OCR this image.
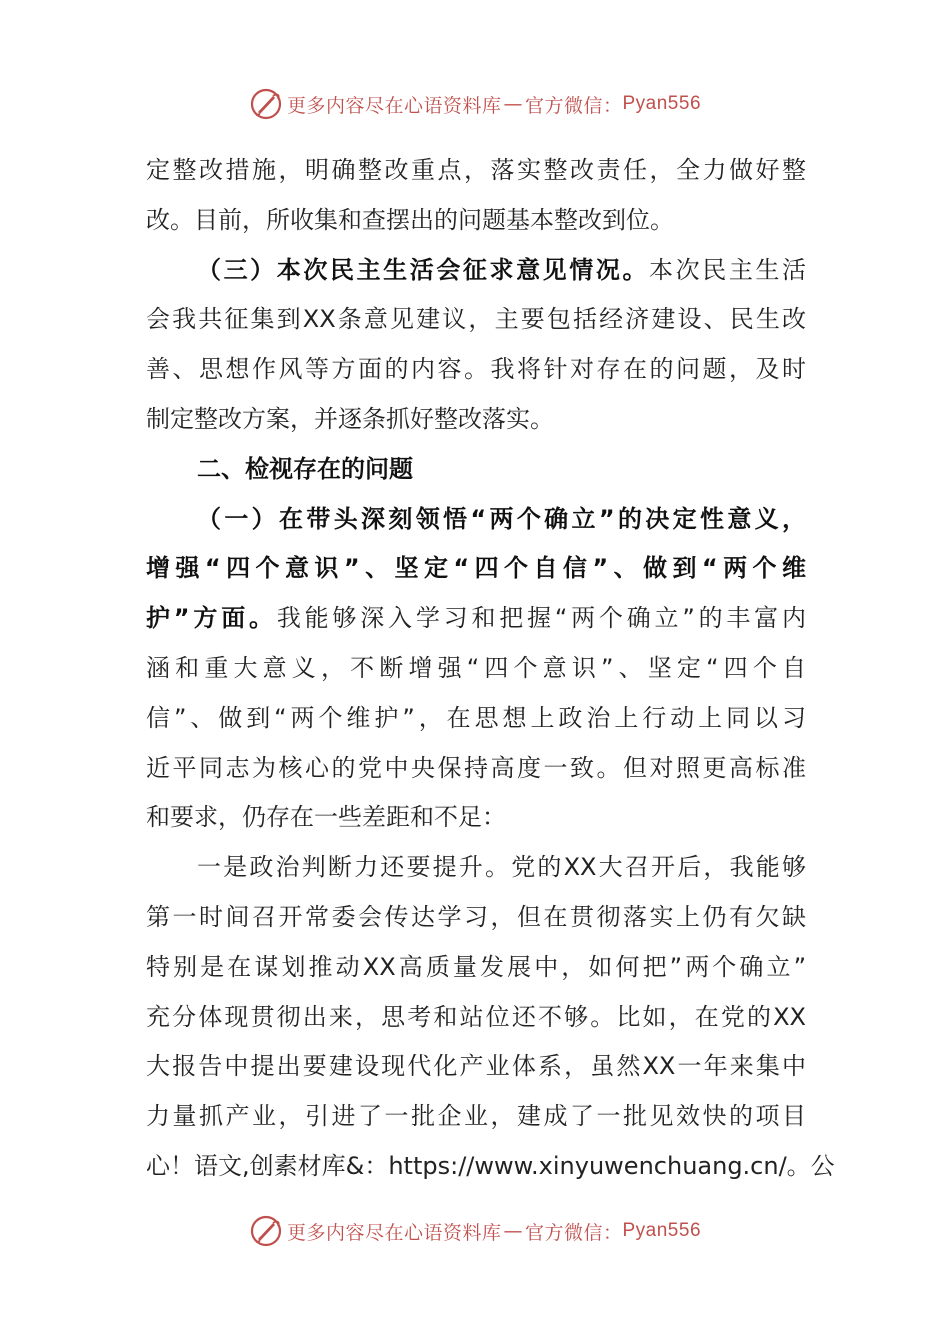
更多内容尽在心语资料库 — 官方微信： Pyan556
定整改措施，明确整改重点，落实整改责任，全力做好整
改。目前，所收集和查摆出的问题基本整改到位。
（三）本次民主生活会征求意见情况。本次民主生活
会我共征集到XX条意见建议，主要包括经济建设、民生改
善、思想作风等方面的内容。我将针对存在的问题，及时
制定整改方案，并逐条抓好整改落实。
二、检视存在的问题
（一）在带头深刻领悟“两个确立”的决定性意义，
增强“四个意识”、坚定“四个自信”、做到“两个维
护”方面。我能够深入学习和把握“两个确立”的丰富内
涵和重大意义，不断增强“四个意识”、坚定“四个自
信”、做到“两个维护”，在思想上政治上行动上同以习
近平同志为核心的党中央保持高度一致。但对照更高标准
和要求，仍存在一些差距和不足：
一是政治判断力还要提升。党的XX大召开后，我能够
第一时间召开常委会传达学习，但在贯彻落实上仍有欠缺
特别是在谋划推动XX高质量发展中，如何把”两个确立”
充分体现贯彻出来，思考和站位还不够。比如，在党的XX
大报告中提出要建设现代化产业体系，虽然XX一年来集中
力量抓产业，引进了一批企业，建成了一批见效快的项目
心！语文,创素材库&：https://www.xinyuwenchuang.cn/。公
更多内容尽在心语资料库 — 官方微信： Pyan556
